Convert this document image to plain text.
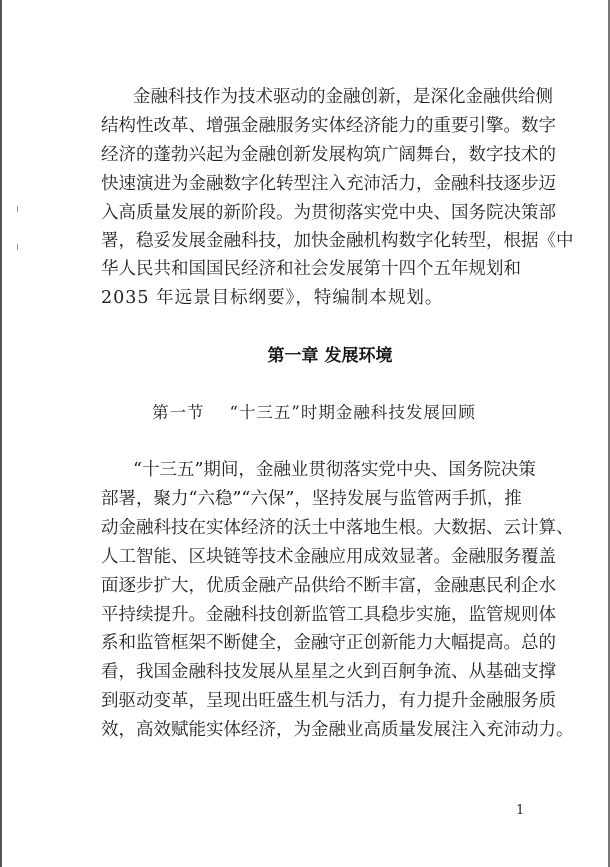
金融科技作为技术驱动的金融创新，是深化金融供给侧
结构性改革、增强金融服务实体经济能力的重要引擎。数字
经济的蓬勃兴起为金融创新发展构筑广阔舞台，数字技术的
快速演进为金融数字化转型注入充沛活力，金融科技逐步迈
入高质量发展的新阶段。为贯彻落实党中央、国务院决策部
署，稳妥发展金融科技，加快金融机构数字化转型，根据《中
华人民共和国国民经济和社会发展第十四个五年规划和
2035 年远景目标纲要》，特编制本规划。
第一章 发展环境
第一节    “十三五”时期金融科技发展回顾
“十三五”期间，金融业贯彻落实党中央、国务院决策
部署，聚力“六稳”“六保”，坚持发展与监管两手抓，推
动金融科技在实体经济的沃土中落地生根。大数据、云计算、
人工智能、区块链等技术金融应用成效显著。金融服务覆盖
面逐步扩大，优质金融产品供给不断丰富，金融惠民利企水
平持续提升。金融科技创新监管工具稳步实施，监管规则体
系和监管框架不断健全，金融守正创新能力大幅提高。总的
看，我国金融科技发展从星星之火到百舸争流、从基础支撑
到驱动变革，呈现出旺盛生机与活力，有力提升金融服务质
效，高效赋能实体经济，为金融业高质量发展注入充沛动力。
1
